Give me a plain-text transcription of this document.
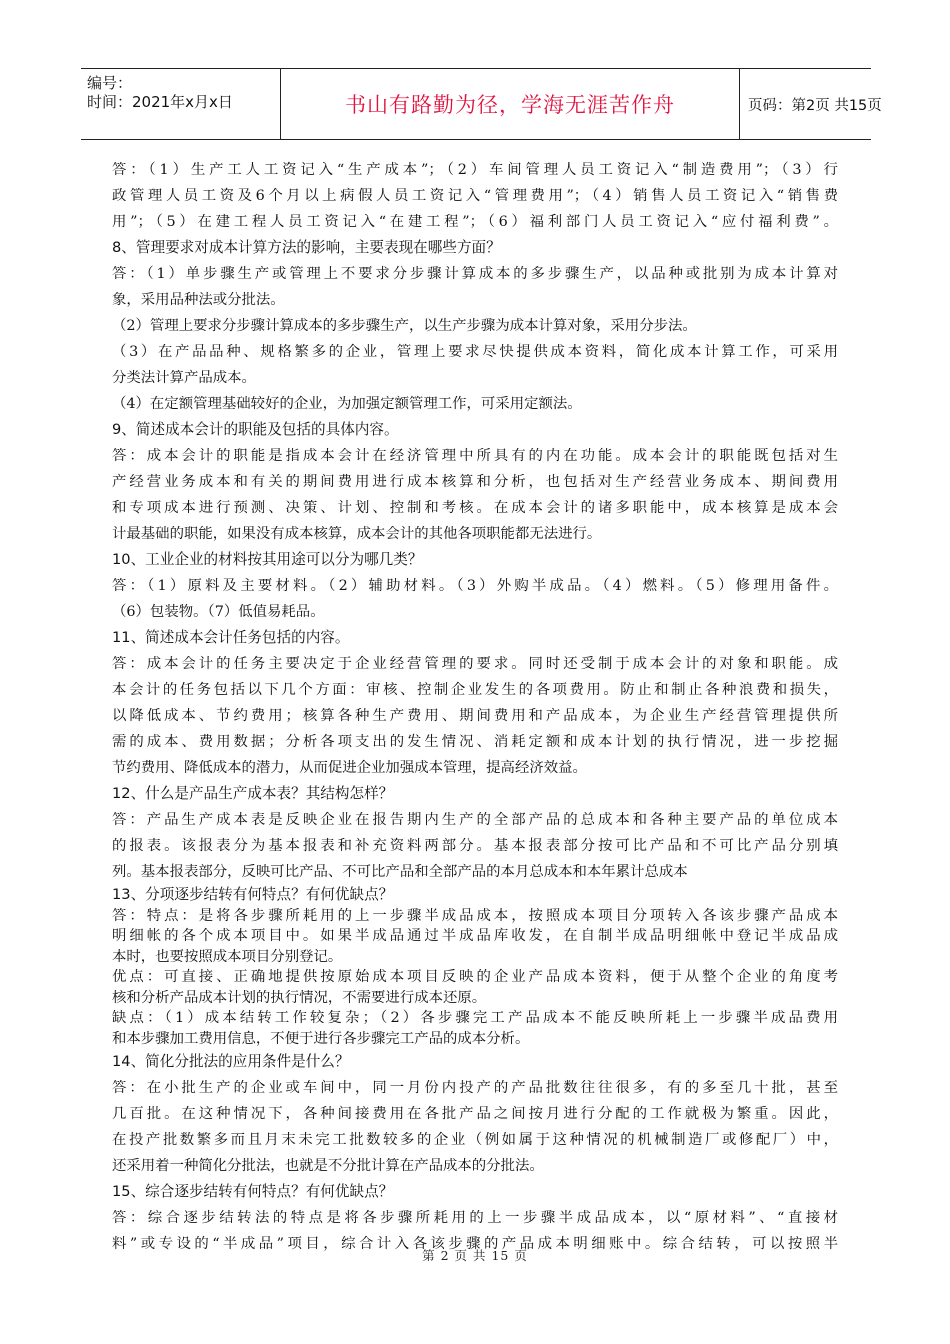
编号：
时间：2021年x月x日	书山有路勤为径，学海无涯苦作舟	页码：第2页 共15页
答：（1）生产工人工资记入“生产成本”；（2）车间管理人员工资记入“制造费用”；（3）行
政管理人员工资及6个月以上病假人员工资记入“管理费用”；（4）销售人员工资记入“销售费
用”；（5）在建工程人员工资记入“在建工程”；（6）福利部门人员工资记入“应付福利费”。
8、管理要求对成本计算方法的影响，主要表现在哪些方面？
答：（1）单步骤生产或管理上不要求分步骤计算成本的多步骤生产，以品种或批别为成本计算对
象，采用品种法或分批法。
（2）管理上要求分步骤计算成本的多步骤生产，以生产步骤为成本计算对象，采用分步法。
（3）在产品品种、规格繁多的企业，管理上要求尽快提供成本资料，简化成本计算工作，可采用
分类法计算产品成本。
（4）在定额管理基础较好的企业，为加强定额管理工作，可采用定额法。
9、简述成本会计的职能及包括的具体内容。
答：成本会计的职能是指成本会计在经济管理中所具有的内在功能。成本会计的职能既包括对生
产经营业务成本和有关的期间费用进行成本核算和分析，也包括对生产经营业务成本、期间费用
和专项成本进行预测、决策、计划、控制和考核。在成本会计的诸多职能中，成本核算是成本会
计最基础的职能，如果没有成本核算，成本会计的其他各项职能都无法进行。
10、工业企业的材料按其用途可以分为哪几类？
答：（1）原料及主要材料。（2）辅助材料。（3）外购半成品。（4）燃料。（5）修理用备件。
（6）包装物。（7）低值易耗品。
11、简述成本会计任务包括的内容。
答：成本会计的任务主要决定于企业经营管理的要求。同时还受制于成本会计的对象和职能。成
本会计的任务包括以下几个方面：审核、控制企业发生的各项费用。防止和制止各种浪费和损失，
以降低成本、节约费用；核算各种生产费用、期间费用和产品成本，为企业生产经营管理提供所
需的成本、费用数据；分析各项支出的发生情况、消耗定额和成本计划的执行情况，进一步挖掘
节约费用、降低成本的潜力，从而促进企业加强成本管理，提高经济效益。
12、什么是产品生产成本表？其结构怎样？
答：产品生产成本表是反映企业在报告期内生产的全部产品的总成本和各种主要产品的单位成本
的报表。该报表分为基本报表和补充资料两部分。基本报表部分按可比产品和不可比产品分别填
列。基本报表部分，反映可比产品、不可比产品和全部产品的本月总成本和本年累计总成本
13、分项逐步结转有何特点？有何优缺点？
答：特点：是将各步骤所耗用的上一步骤半成品成本，按照成本项目分项转入各该步骤产品成本
明细帐的各个成本项目中。如果半成品通过半成品库收发，在自制半成品明细帐中登记半成品成
本时，也要按照成本项目分别登记。
优点：可直接、正确地提供按原始成本项目反映的企业产品成本资料，便于从整个企业的角度考
核和分析产品成本计划的执行情况，不需要进行成本还原。
缺点：（1）成本结转工作较复杂；（2）各步骤完工产品成本不能反映所耗上一步骤半成品费用
和本步骤加工费用信息，不便于进行各步骤完工产品的成本分析。
14、简化分批法的应用条件是什么？
答：在小批生产的企业或车间中，同一月份内投产的产品批数往往很多，有的多至几十批，甚至
几百批。在这种情况下，各种间接费用在各批产品之间按月进行分配的工作就极为繁重。因此，
在投产批数繁多而且月末未完工批数较多的企业（例如属于这种情况的机械制造厂或修配厂）中，
还采用着一种简化分批法，也就是不分批计算在产品成本的分批法。
15、综合逐步结转有何特点？有何优缺点？
答：综合逐步结转法的特点是将各步骤所耗用的上一步骤半成品成本，以“原材料”、“直接材
料”或专设的“半成品”项目，综合计入各该步骤的产品成本明细账中。综合结转，可以按照半
第 2 页 共 15 页
